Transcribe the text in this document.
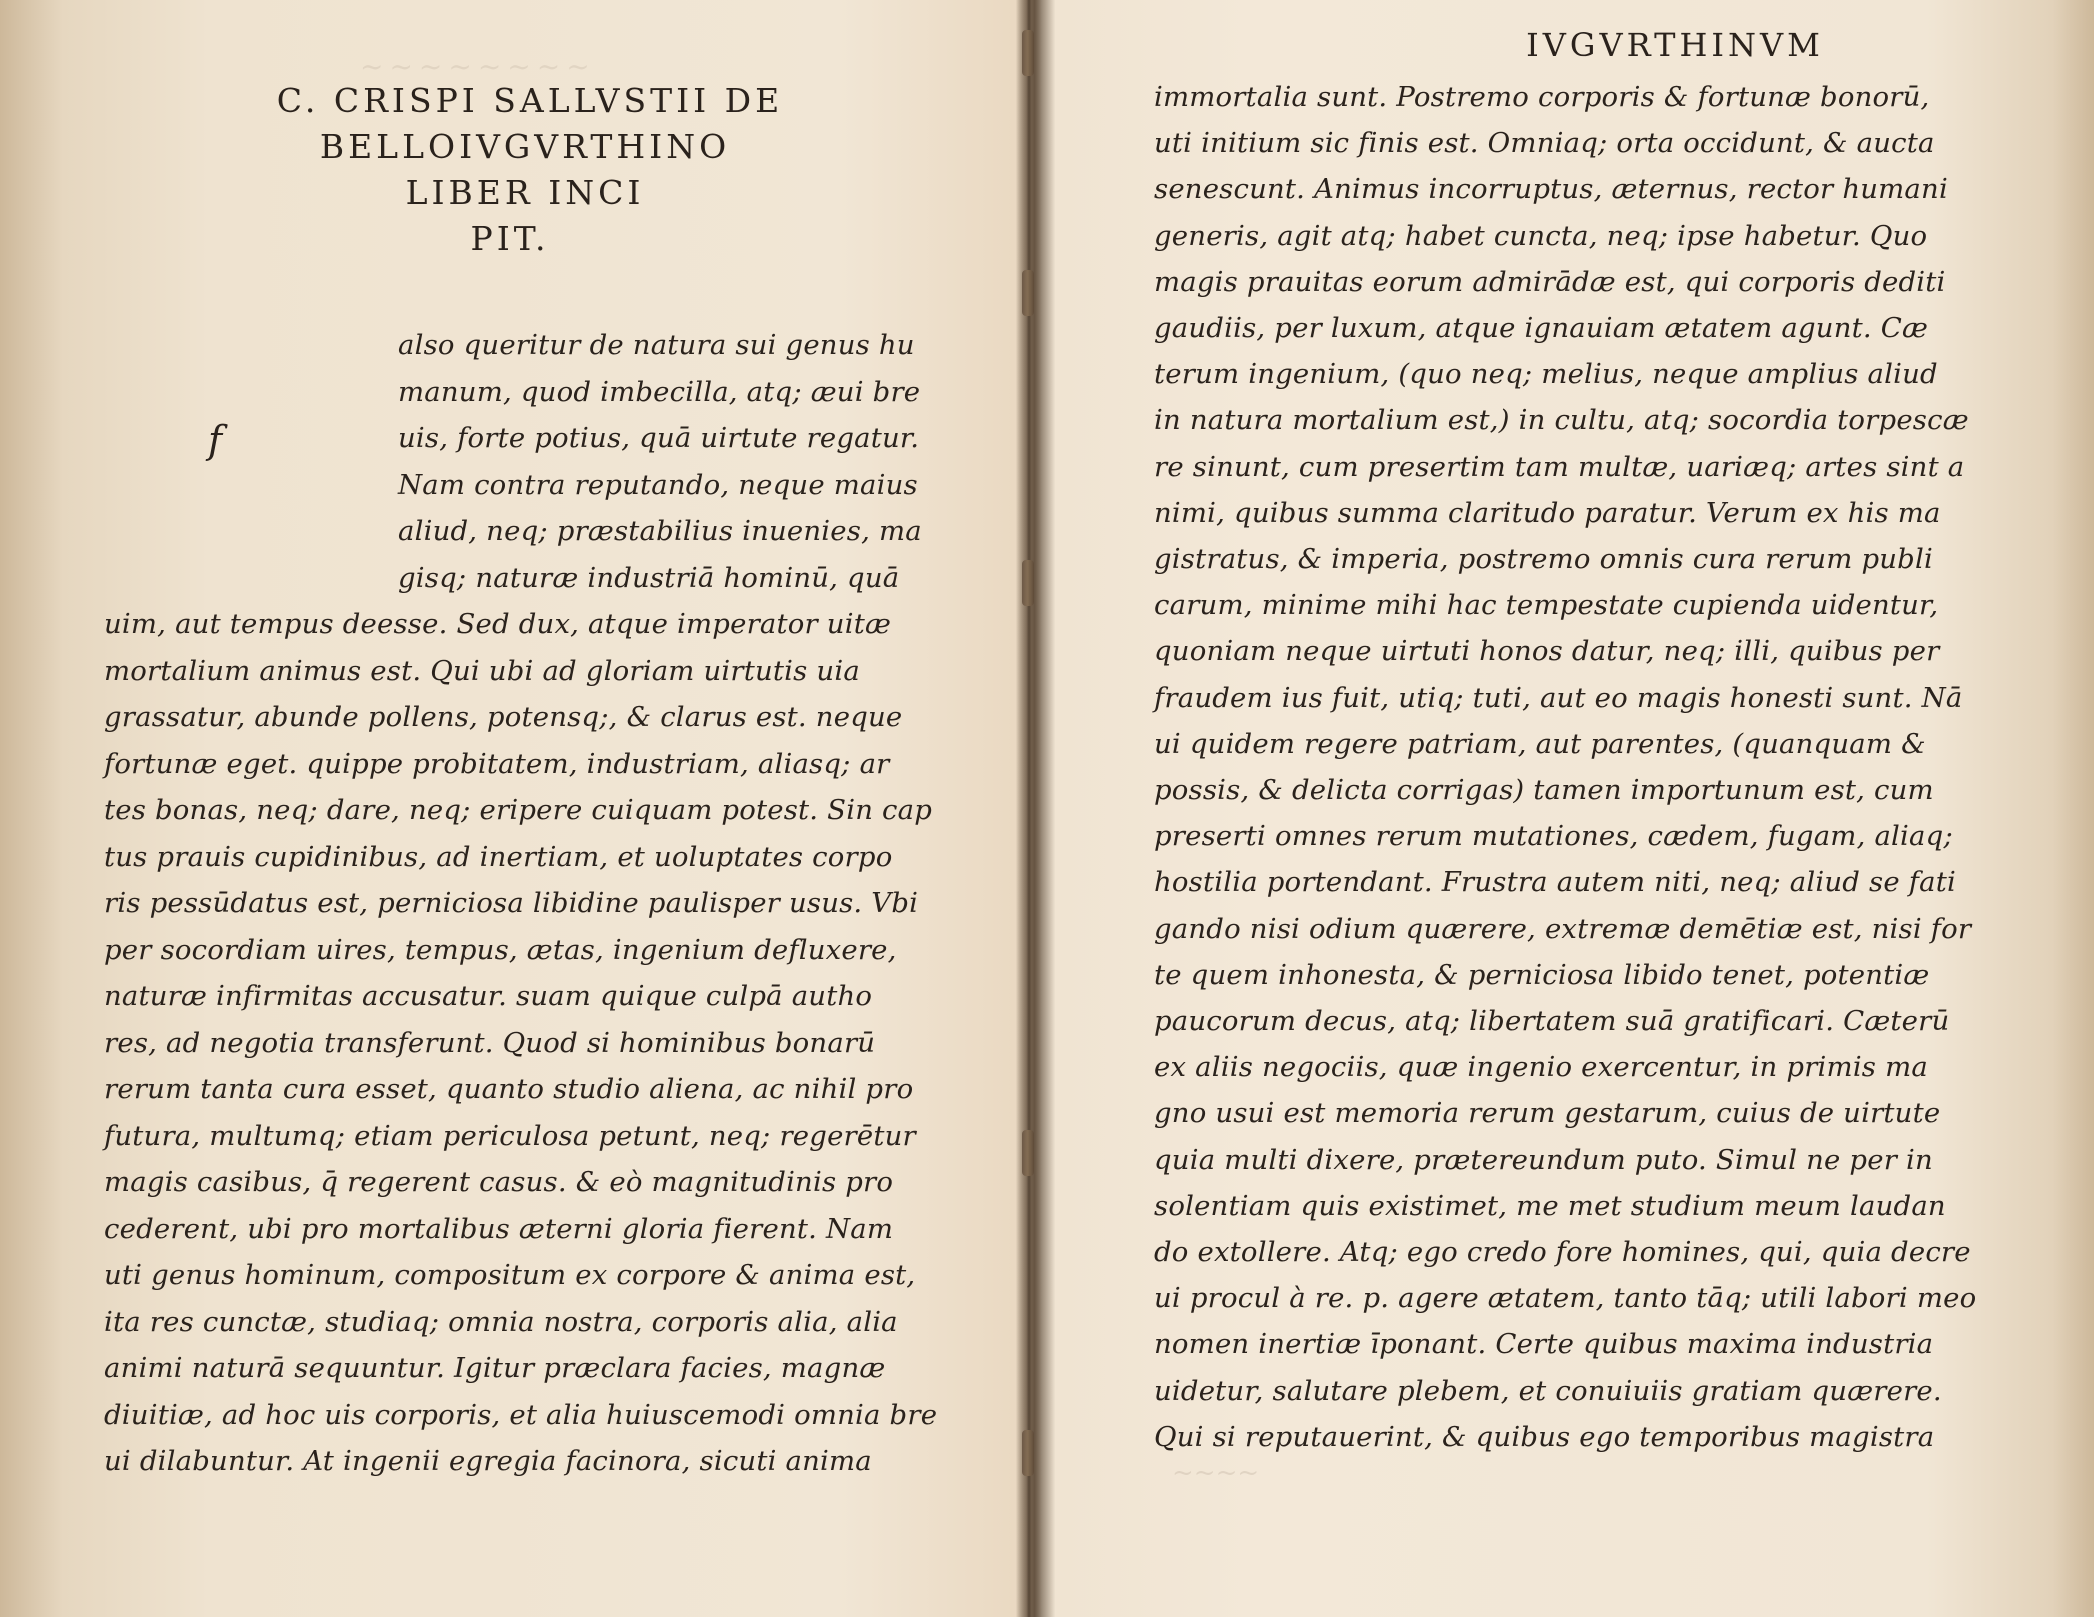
~~~~~~~~
C. CRISPI SALLVSTII DE
BELLOIVGVRTHINO
LIBER INCI
PIT.
f
also queritur de natura sui genus hu
manum, quod imbecilla, atq; æui bre
uis, forte potius, quā uirtute regatur.
Nam contra reputando, neque maius
aliud, neq; præstabilius inuenies, ma
gisq; naturæ industriā hominū, quā
uim, aut tempus deesse. Sed dux, atque imperator uitæ
mortalium animus est. Qui ubi ad gloriam uirtutis uia
grassatur, abunde pollens, potensq;, & clarus est. neque
fortunæ eget. quippe probitatem, industriam, aliasq; ar
tes bonas, neq; dare, neq; eripere cuiquam potest. Sin cap
tus prauis cupidinibus, ad inertiam, et uoluptates corpo
ris pessūdatus est, perniciosa libidine paulisper usus. Vbi
per socordiam uires, tempus, ætas, ingenium defluxere,
naturæ infirmitas accusatur. suam quique culpā autho
res, ad negotia transferunt. Quod si hominibus bonarū
rerum tanta cura esset, quanto studio aliena, ac nihil pro
futura, multumq; etiam periculosa petunt, neq; regerētur
magis casibus, q̄ regerent casus. & eò magnitudinis pro
cederent, ubi pro mortalibus æterni gloria fierent. Nam
uti genus hominum, compositum ex corpore & anima est,
ita res cunctæ, studiaq; omnia nostra, corporis alia, alia
animi naturā sequuntur. Igitur præclara facies, magnæ
diuitiæ, ad hoc uis corporis, et alia huiuscemodi omnia bre
ui dilabuntur. At ingenii egregia facinora, sicuti anima
IVGVRTHINVM
immortalia sunt. Postremo corporis & fortunæ bonorū,
uti initium sic finis est. Omniaq; orta occidunt, & aucta
senescunt. Animus incorruptus, æternus, rector humani
generis, agit atq; habet cuncta, neq; ipse habetur. Quo
magis prauitas eorum admirādæ est, qui corporis dediti
gaudiis, per luxum, atque ignauiam ætatem agunt. Cæ
terum ingenium, (quo neq; melius, neque amplius aliud
in natura mortalium est,) in cultu, atq; socordia torpescæ
re sinunt, cum presertim tam multæ, uariæq; artes sint a
nimi, quibus summa claritudo paratur. Verum ex his ma
gistratus, & imperia, postremo omnis cura rerum publi
carum, minime mihi hac tempestate cupienda uidentur,
quoniam neque uirtuti honos datur, neq; illi, quibus per
fraudem ius fuit, utiq; tuti, aut eo magis honesti sunt. Nā
ui quidem regere patriam, aut parentes, (quanquam &
possis, & delicta corrigas) tamen importunum est, cum
preserti omnes rerum mutationes, cædem, fugam, aliaq;
hostilia portendant. Frustra autem niti, neq; aliud se fati
gando nisi odium quærere, extremæ demētiæ est, nisi for
te quem inhonesta, & perniciosa libido tenet, potentiæ
paucorum decus, atq; libertatem suā gratificari. Cæterū
ex aliis negociis, quæ ingenio exercentur, in primis ma
gno usui est memoria rerum gestarum, cuius de uirtute
quia multi dixere, prætereundum puto. Simul ne per in
solentiam quis existimet, me met studium meum laudan
do extollere. Atq; ego credo fore homines, qui, quia decre
ui procul à re. p. agere ætatem, tanto tāq; utili labori meo
nomen inertiæ īponant. Certe quibus maxima industria
uidetur, salutare plebem, et conuiuiis gratiam quærere.
Qui si reputauerint, & quibus ego temporibus magistra
~~~~
